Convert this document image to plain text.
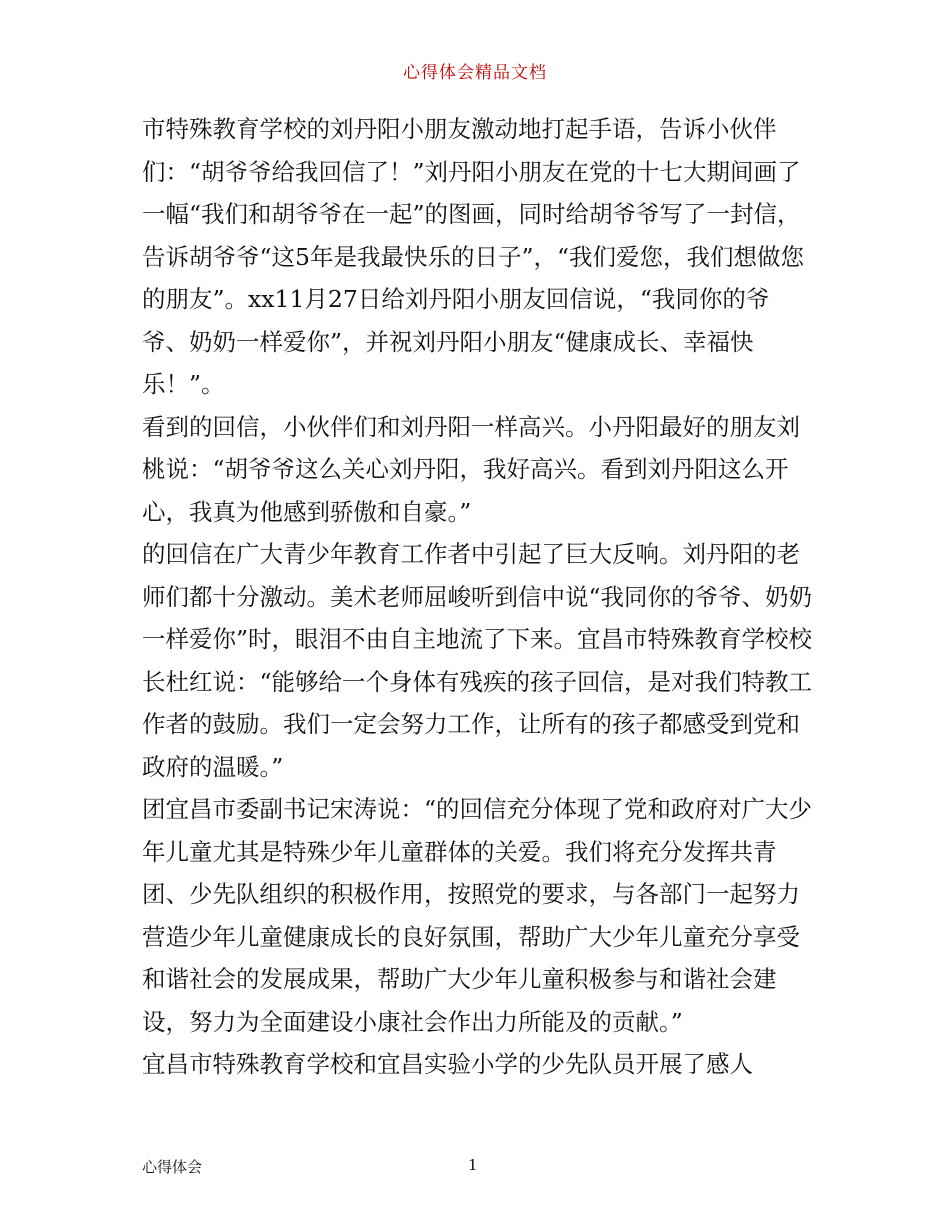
心得体会精品文档

市特殊教育学校的刘丹阳小朋友激动地打起手语，告诉小伙伴们：“胡爷爷给我回信了！”刘丹阳小朋友在党的十七大期间画了一幅“我们和胡爷爷在一起”的图画，同时给胡爷爷写了一封信，告诉胡爷爷“这5年是我最快乐的日子”，“我们爱您，我们想做您的朋友”。xx11月27日给刘丹阳小朋友回信说，“我同你的爷爷、奶奶一样爱你”，并祝刘丹阳小朋友“健康成长、幸福快乐！”。

看到的回信，小伙伴们和刘丹阳一样高兴。小丹阳最好的朋友刘桃说：“胡爷爷这么关心刘丹阳，我好高兴。看到刘丹阳这么开心，我真为他感到骄傲和自豪。”

的回信在广大青少年教育工作者中引起了巨大反响。刘丹阳的老师们都十分激动。美术老师屈峻听到信中说“我同你的爷爷、奶奶一样爱你”时，眼泪不由自主地流了下来。宜昌市特殊教育学校校长杜红说：“能够给一个身体有残疾的孩子回信，是对我们特教工作者的鼓励。我们一定会努力工作，让所有的孩子都感受到党和政府的温暖。”

团宜昌市委副书记宋涛说：“的回信充分体现了党和政府对广大少年儿童尤其是特殊少年儿童群体的关爱。我们将充分发挥共青团、少先队组织的积极作用，按照党的要求，与各部门一起努力营造少年儿童健康成长的良好氛围，帮助广大少年儿童充分享受和谐社会的发展成果，帮助广大少年儿童积极参与和谐社会建设，努力为全面建设小康社会作出力所能及的贡献。”

宜昌市特殊教育学校和宜昌实验小学的少先队员开展了感人

心得体会	1
